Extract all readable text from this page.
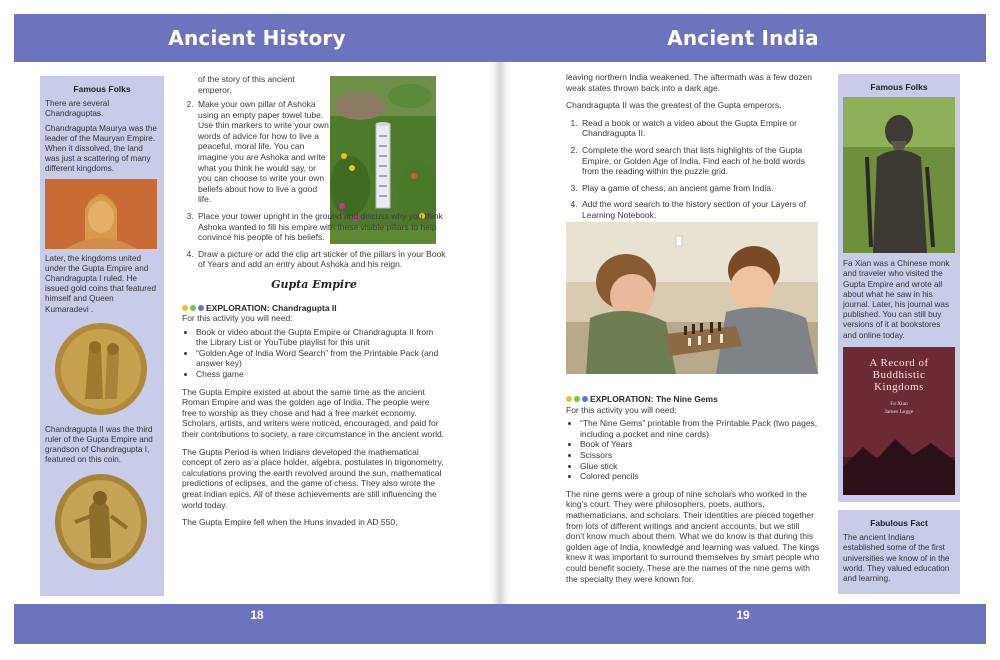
Ancient History
Famous Folks

There are several Chandraguptas.

Chandragupta Maurya was the leader of the Mauryan Empire. When it dissolved, the land was just a scattering of many different kingdoms.

Later, the kingdoms united under the Gupta Empire and Chandragupta I ruled. He issued gold coins that featured himself and Queen Kumaradevi .

Chandragupta II was the third ruler of the Gupta Empire and grandson of Chandragupta I, featured on this coin.

of the story of this ancient emperor.

2. Make your own pillar of Ashoka using an empty paper towel tube. Use thin markers to write your own words of advice for how to live a peaceful, moral life. You can imagine you are Ashoka and write what you think he would say, or you can choose to write your own beliefs about how to live a good life.
3. Place your tower upright in the ground and discuss why you think Ashoka wanted to fill his empire with these visible pillars to help convince his people of his beliefs.
4. Draw a picture or add the clip art sticker of the pillars in your Book of Years and add an entry about Ashoka and his reign.
Gupta Empire
EXPLORATION: Chandragupta II

For this activity you will need:

• Book or video about the Gupta Empire or Chandragupta II from the Library List or YouTube playlist for this unit
• “Golden Age of India Word Search” from the Printable Pack (and answer key)
• Chess game

The Gupta Empire existed at about the same time as the ancient Roman Empire and was the golden age of India. The people were free to worship as they chose and had a free market economy. Scholars, artists, and writers were noticed, encouraged, and paid for their contributions to society, a rare circumstance in the ancient world.

The Gupta Period is when Indians developed the mathematical concept of zero as a place holder, algebra, postulates in trigonometry, calculations proving the earth revolved around the sun, mathematical predictions of eclipses, and the game of chess. They also wrote the great Indian epics. All of these achievements are still influencing the world today.

The Gupta Empire fell when the Huns invaded in AD 550,

18
Ancient India

leaving northern India weakened. The aftermath was a few dozen weak states thrown back into a dark age.

Chandragupta II was the greatest of the Gupta emperors.

1. Read a book or watch a video about the Gupta Empire or Chandragupta II.
2. Complete the word search that lists highlights of the Gupta Empire, or Golden Age of India. Find each of he bold words from the reading within the puzzle grid.
3. Play a game of chess, an ancient game from India.
4. Add the word search to the history section of your Layers of Learning Notebook.
EXPLORATION: The Nine Gems

For this activity you will need:

• “The Nine Gems” printable from the Printable Pack (two pages, including a pocket and nine cards)
• Book of Years
• Scissors
• Glue stick
• Colored pencils

The nine gems were a group of nine scholars who worked in the king’s court. They were philosophers, poets, authors, mathematicians, and scholars. Their identities are pieced together from lots of different writings and ancient accounts, but we still don’t know much about them. What we do know is that during this golden age of India, knowledge and learning was valued. The kings knew it was important to surround themselves by smart people who could benefit society. These are the names of the nine gems with the specialty they were known for.

Famous Folks

Fa Xian was a Chinese monk and traveler who visited the Gupta Empire and wrote all about what he saw in his journal. Later, his journal was published. You can still buy versions of it at bookstores and online today.

A Record of Buddhistic Kingdoms
Fa Xian
James Legge
Fabulous Fact

The ancient Indians established some of the first universities we know of in the world. They valued education and learning.

19
